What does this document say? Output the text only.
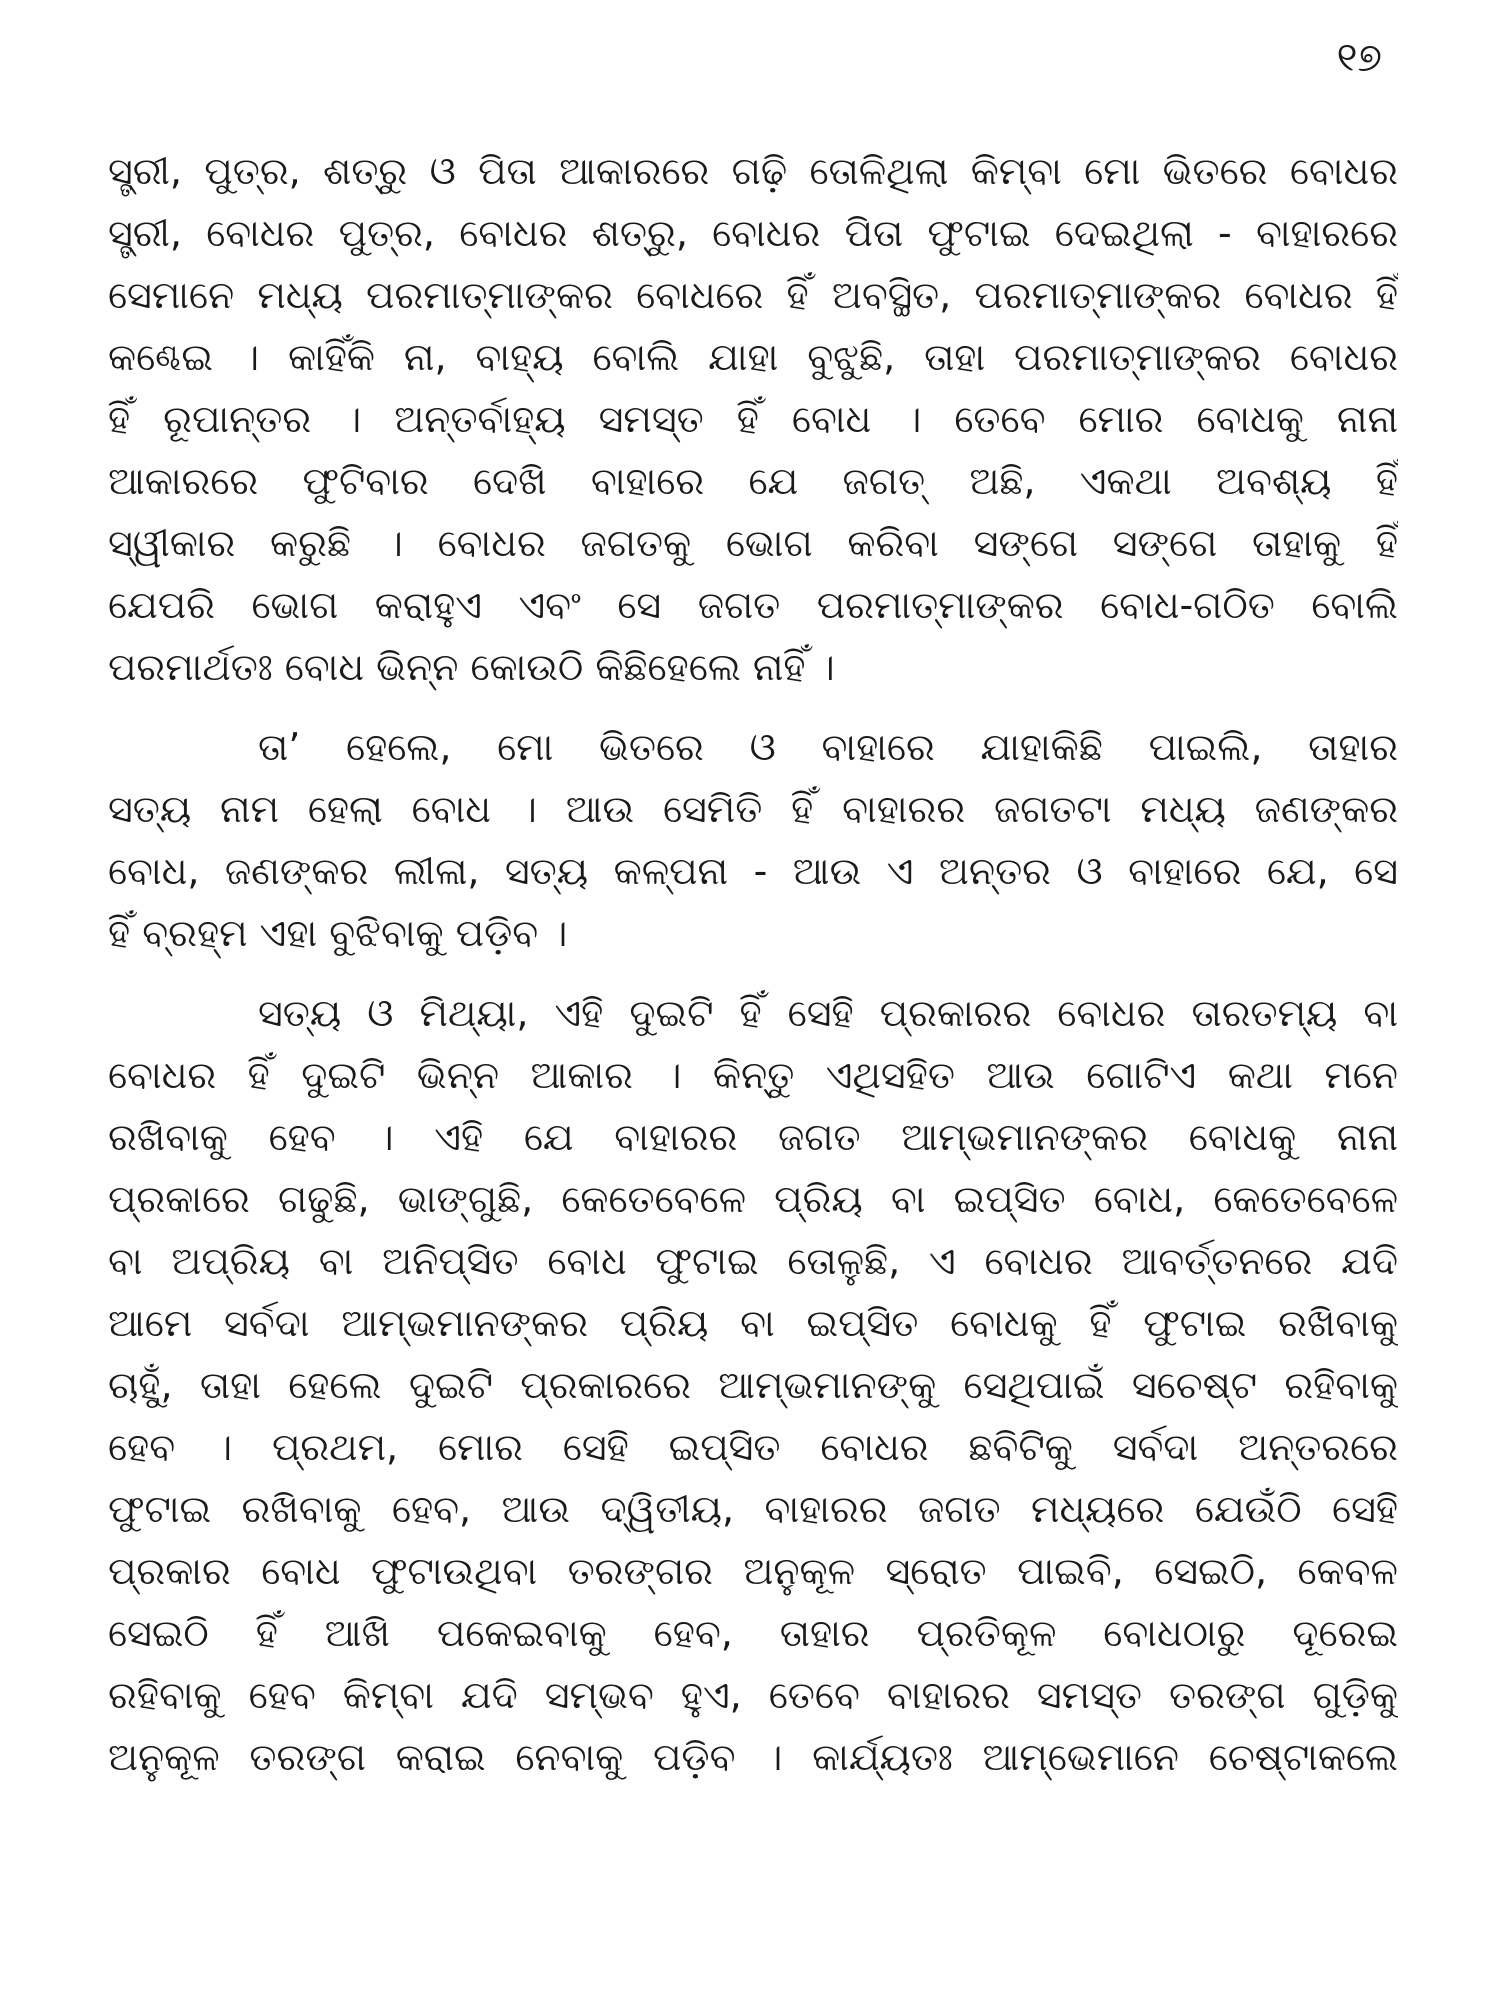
୧୭
ସ୍ତ୍ରୀ, ପୁତ୍ର, ଶତ୍ରୁ ଓ ପିତା ଆକାରରେ ଗଢ଼ି ତୋଳିଥିଲା କିମ୍ବା ମୋ ଭିତରେ ବୋଧର
ସ୍ତ୍ରୀ, ବୋଧର ପୁତ୍ର, ବୋଧର ଶତ୍ରୁ, ବୋଧର ପିତା ଫୁଟାଇ ଦେଇଥିଲା - ବାହାରରେ
ସେମାନେ ମଧ୍ୟ ପରମାତ୍ମାଙ୍କର ବୋଧରେ ହିଁ ଅବସ୍ଥିତ, ପରମାତ୍ମାଙ୍କର ବୋଧର ହିଁ
କଣ୍ଢେଇ । କାହିଁକି ନା, ବାହ୍ୟ ବୋଲି ଯାହା ବୁଝୁଛି, ତାହା ପରମାତ୍ମାଙ୍କର ବୋଧର
ହିଁ ରୂପାନ୍ତର । ଅନ୍ତର୍ବାହ୍ୟ ସମସ୍ତ ହିଁ ବୋଧ । ତେବେ ମୋର ବୋଧକୁ ନାନା
ଆକାରରେ ଫୁଟିବାର ଦେଖି ବାହାରେ ଯେ ଜଗତ୍ ଅଛି, ଏକଥା ଅବଶ୍ୟ ହିଁ
ସ୍ୱୀକାର କରୁଛି । ବୋଧର ଜଗତକୁ ଭୋଗ କରିବା ସଙ୍ଗେ ସଙ୍ଗେ ତାହାକୁ ହିଁ
ଯେପରି ଭୋଗ କରାହୁଏ ଏବଂ ସେ ଜଗତ ପରମାତ୍ମାଙ୍କର ବୋଧ-ଗଠିତ ବୋଲି
ପରମାର୍ଥତଃ ବୋଧ ଭିନ୍ନ କୋଉଠି କିଛିହେଲେ ନାହିଁ ।
ତା’ ହେଲେ, ମୋ ଭିତରେ ଓ ବାହାରେ ଯାହାକିଛି ପାଇଲି, ତାହାର
ସତ୍ୟ ନାମ ହେଲା ବୋଧ । ଆଉ ସେମିତି ହିଁ ବାହାରର ଜଗତଟା ମଧ୍ୟ ଜଣଙ୍କର
ବୋଧ, ଜଣଙ୍କର ଲୀଳା, ସତ୍ୟ କଳ୍ପନା - ଆଉ ଏ ଅନ୍ତର ଓ ବାହାରେ ଯେ, ସେ
ହିଁ ବ୍ରହ୍ମ ଏହା ବୁଝିବାକୁ ପଡ଼ିବ ।
ସତ୍ୟ ଓ ମିଥ୍ୟା, ଏହି ଦୁଇଟି ହିଁ ସେହି ପ୍ରକାରର ବୋଧର ତାରତମ୍ୟ ବା
ବୋଧର ହିଁ ଦୁଇଟି ଭିନ୍ନ ଆକାର । କିନ୍ତୁ ଏଥିସହିତ ଆଉ ଗୋଟିଏ କଥା ମନେ
ରଖିବାକୁ ହେବ । ଏହି ଯେ ବାହାରର ଜଗତ ଆମ୍ଭମାନଙ୍କର ବୋଧକୁ ନାନା
ପ୍ରକାରେ ଗଢୁଛି, ଭାଙ୍ଗୁଛି, କେତେବେଳେ ପ୍ରିୟ ବା ଇପ୍ସିତ ବୋଧ, କେତେବେଳେ
ବା ଅପ୍ରିୟ ବା ଅନିପ୍ସିତ ବୋଧ ଫୁଟାଇ ତୋଳୁଛି, ଏ ବୋଧର ଆବର୍ତ୍ତନରେ ଯଦି
ଆମେ ସର୍ବଦା ଆମ୍ଭମାନଙ୍କର ପ୍ରିୟ ବା ଇପ୍ସିତ ବୋଧକୁ ହିଁ ଫୁଟାଇ ରଖିବାକୁ
ଚାହୁଁ, ତାହା ହେଲେ ଦୁଇଟି ପ୍ରକାରରେ ଆମ୍ଭମାନଙ୍କୁ ସେଥିପାଇଁ ସଚେଷ୍ଟ ରହିବାକୁ
ହେବ । ପ୍ରଥମ, ମୋର ସେହି ଇପ୍ସିତ ବୋଧର ଛବିଟିକୁ ସର୍ବଦା ଅନ୍ତରରେ
ଫୁଟାଇ ରଖିବାକୁ ହେବ, ଆଉ ଦ୍ୱିତୀୟ, ବାହାରର ଜଗତ ମଧ୍ୟରେ ଯେଉଁଠି ସେହି
ପ୍ରକାର ବୋଧ ଫୁଟାଉଥିବା ତରଙ୍ଗର ଅନୁକୂଳ ସ୍ରୋତ ପାଇବି, ସେଇଠି, କେବଳ
ସେଇଠି ହିଁ ଆଖି ପକେଇବାକୁ ହେବ, ତାହାର ପ୍ରତିକୂଳ ବୋଧଠାରୁ ଦୂରେଇ
ରହିବାକୁ ହେବ କିମ୍ବା ଯଦି ସମ୍ଭବ ହୁଏ, ତେବେ ବାହାରର ସମସ୍ତ ତରଙ୍ଗ ଗୁଡ଼ିକୁ
ଅନୁକୂଳ ତରଙ୍ଗ କରାଇ ନେବାକୁ ପଡ଼ିବ । କାର୍ଯ୍ୟତଃ ଆମ୍ଭେମାନେ ଚେଷ୍ଟାକଲେ
